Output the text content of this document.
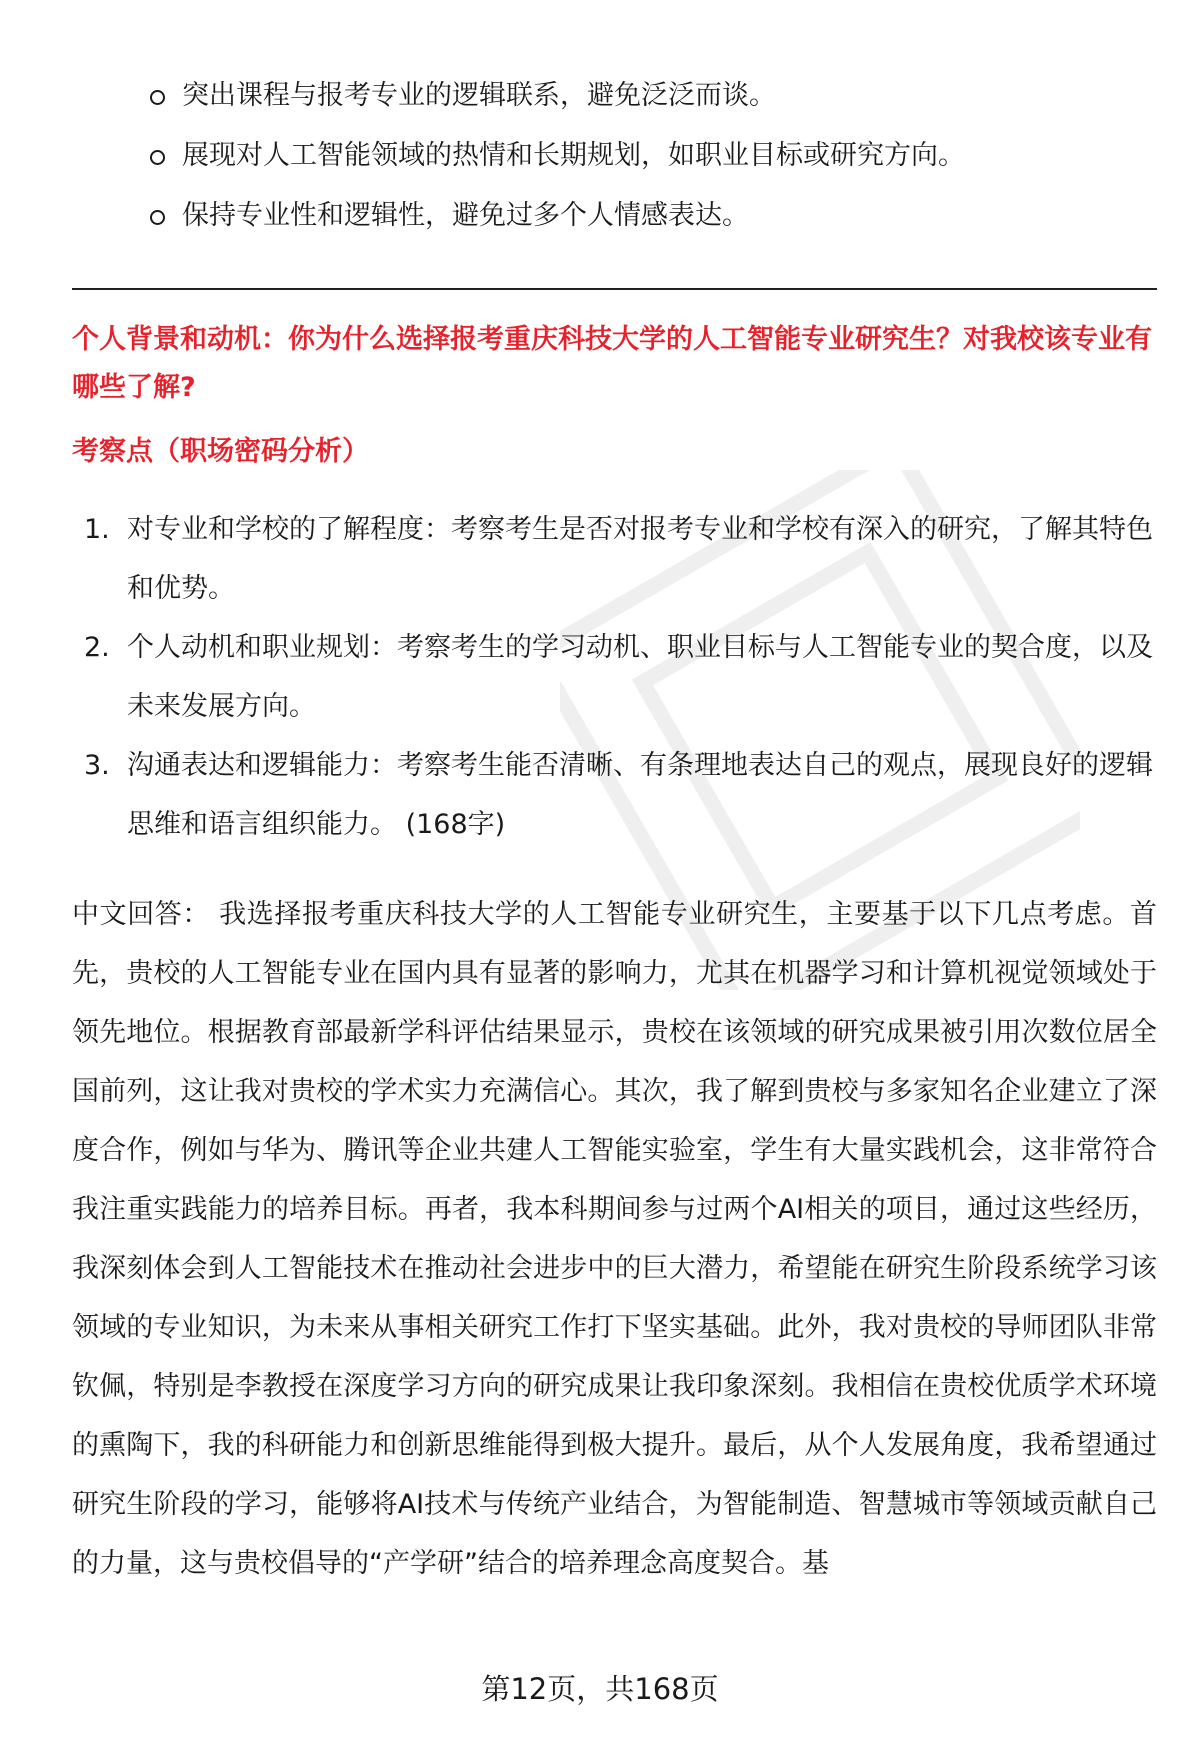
突出课程与报考专业的逻辑联系，避免泛泛而谈。
展现对人工智能领域的热情和长期规划，如职业目标或研究方向。
保持专业性和逻辑性，避免过多个人情感表达。

个人背景和动机：你为什么选择报考重庆科技大学的人工智能专业研究生？对我校该专业有哪些了解?

考察点（职场密码分析）

1. 对专业和学校的了解程度：考察考生是否对报考专业和学校有深入的研究，了解其特色和优势。
2. 个人动机和职业规划：考察考生的学习动机、职业目标与人工智能专业的契合度，以及未来发展方向。
3. 沟通表达和逻辑能力：考察考生能否清晰、有条理地表达自己的观点，展现良好的逻辑思维和语言组织能力。 (168字)

中文回答： 我选择报考重庆科技大学的人工智能专业研究生，主要基于以下几点考虑。首先，贵校的人工智能专业在国内具有显著的影响力，尤其在机器学习和计算机视觉领域处于领先地位。根据教育部最新学科评估结果显示，贵校在该领域的研究成果被引用次数位居全国前列，这让我对贵校的学术实力充满信心。其次，我了解到贵校与多家知名企业建立了深度合作，例如与华为、腾讯等企业共建人工智能实验室，学生有大量实践机会，这非常符合我注重实践能力的培养目标。再者，我本科期间参与过两个AI相关的项目，通过这些经历，我深刻体会到人工智能技术在推动社会进步中的巨大潜力，希望能在研究生阶段系统学习该领域的专业知识，为未来从事相关研究工作打下坚实基础。此外，我对贵校的导师团队非常钦佩，特别是李教授在深度学习方向的研究成果让我印象深刻。我相信在贵校优质学术环境的熏陶下，我的科研能力和创新思维能得到极大提升。最后，从个人发展角度，我希望通过研究生阶段的学习，能够将AI技术与传统产业结合，为智能制造、智慧城市等领域贡献自己的力量，这与贵校倡导的“产学研”结合的培养理念高度契合。基

第12页，共168页
